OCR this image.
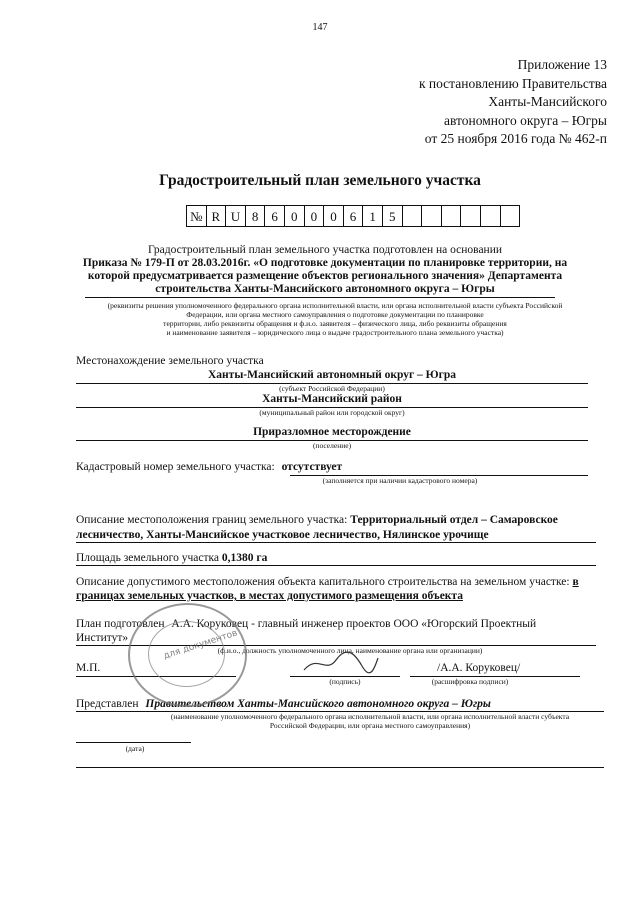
147
Приложение 13
к постановлению Правительства
Ханты-Мансийского
автономного округа – Югры
от 25 ноября 2016 года № 462-п
Градостроительный план земельного участка
№ R U 8	6	0	0	0	6	1	5
Градостроительный план земельного участка подготовлен на основании
Приказа № 179-П от 28.03.2016г. «О подготовке документации по планировке территории, на
которой предусматривается размещение объектов регионального значения» Департамента
строительства Ханты-Мансийского автономного округа – Югры
(реквизиты решения уполномоченного федерального органа исполнительной власти, или органа исполнительной власти субъекта Российской
Федерации, или органа местного самоуправления о подготовке документации по планировке
территории, либо реквизиты обращения и ф.и.о. заявителя – физического лица, либо реквизиты обращения
и наименование заявителя – юридического лица о выдаче градостроительного плана земельного участка)
Местонахождение земельного участка
Ханты-Мансийский автономный округ – Югра
(субъект Российской Федерации)
Ханты-Мансийский район
(муниципальный район или городской округ)
Приразломное месторождение
(поселение)
Кадастровый номер земельного участка: отсутствует
(заполняется при наличии кадастрового номера)
Описание местоположения границ земельного участка: Территориальный отдел – Самаровское
лесничество, Ханты-Мансийское участковое лесничество, Нялинское урочище
Площадь земельного участка 0,1380 га
Описание допустимого местоположения объекта капитального строительства на земельном участке: в
границах земельных участков, в местах допустимого размещения объекта
План подготовлен А.А. Коруковец - главный инженер проектов ООО «Югорский Проектный
Институт»
(ф.и.о., должность уполномоченного лица, наименование органа или организации)
М.П.
(подпись)
/А.А. Коруковец/
(расшифровка подписи)
Представлен Правительством Ханты-Мансийского автономного округа – Югры
(наименование уполномоченного федерального органа исполнительной власти, или органа исполнительной власти субъекта
Российской Федерации, или органа местного самоуправления)
(дата)
для документов
